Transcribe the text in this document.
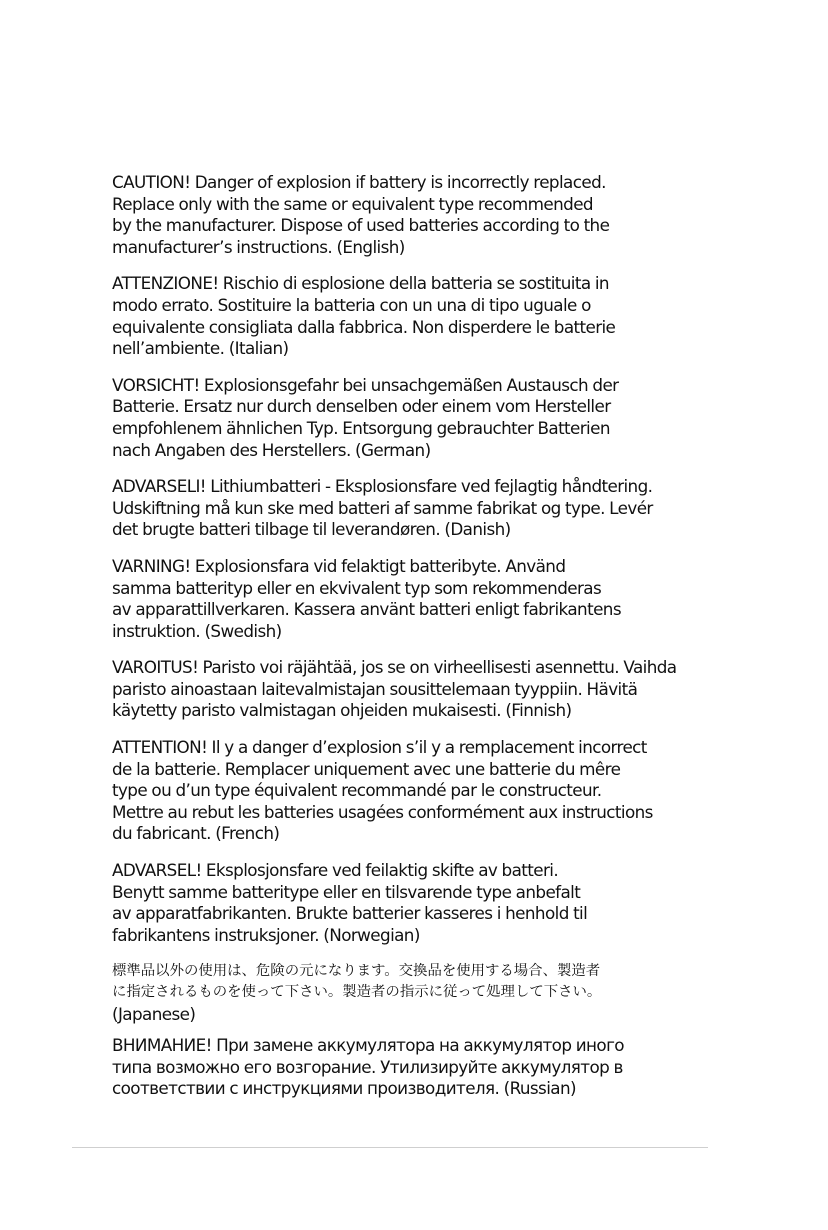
CAUTION! Danger of explosion if battery is incorrectly replaced.
Replace only with the same or equivalent type recommended
by the manufacturer. Dispose of used batteries according to the
manufacturer’s instructions. (English)

ATTENZIONE! Rischio di esplosione della batteria se sostituita in
modo errato. Sostituire la batteria con un una di tipo uguale o
equivalente consigliata dalla fabbrica. Non disperdere le batterie
nell’ambiente. (Italian)

VORSICHT! Explosionsgefahr bei unsachgemäßen Austausch der
Batterie. Ersatz nur durch denselben oder einem vom Hersteller
empfohlenem ähnlichen Typ. Entsorgung gebrauchter Batterien
nach Angaben des Herstellers. (German)

ADVARSELI! Lithiumbatteri - Eksplosionsfare ved fejlagtig håndtering.
Udskiftning må kun ske med batteri af samme fabrikat og type. Levér
det brugte batteri tilbage til leverandøren. (Danish)

VARNING! Explosionsfara vid felaktigt batteribyte. Använd
samma batterityp eller en ekvivalent typ som rekommenderas
av apparattillverkaren. Kassera använt batteri enligt fabrikantens
instruktion. (Swedish)

VAROITUS! Paristo voi räjähtää, jos se on virheellisesti asennettu. Vaihda
paristo ainoastaan laitevalmistajan sousittelemaan tyyppiin. Hävitä
käytetty paristo valmistagan ohjeiden mukaisesti. (Finnish)

ATTENTION! Il y a danger d’explosion s’il y a remplacement incorrect
de la batterie. Remplacer uniquement avec une batterie du mêre
type ou d’un type équivalent recommandé par le constructeur.
Mettre au rebut les batteries usagées conformément aux instructions
du fabricant. (French)

ADVARSEL! Eksplosjonsfare ved feilaktig skifte av batteri.
Benytt samme batteritype eller en tilsvarende type anbefalt
av apparatfabrikanten. Brukte batterier kasseres i henhold til
fabrikantens instruksjoner. (Norwegian)

標準品以外の使用は、危険の元になります。交換品を使用する場合、製造者
に指定されるものを使って下さい。製造者の指示に従って処理して下さい。

(Japanese)

ВНИМАНИЕ! При замене аккумулятора на аккумулятор иного
типа возможно его возгорание. Утилизируйте аккумулятор в
соответствии с инструкциями производителя. (Russian)
